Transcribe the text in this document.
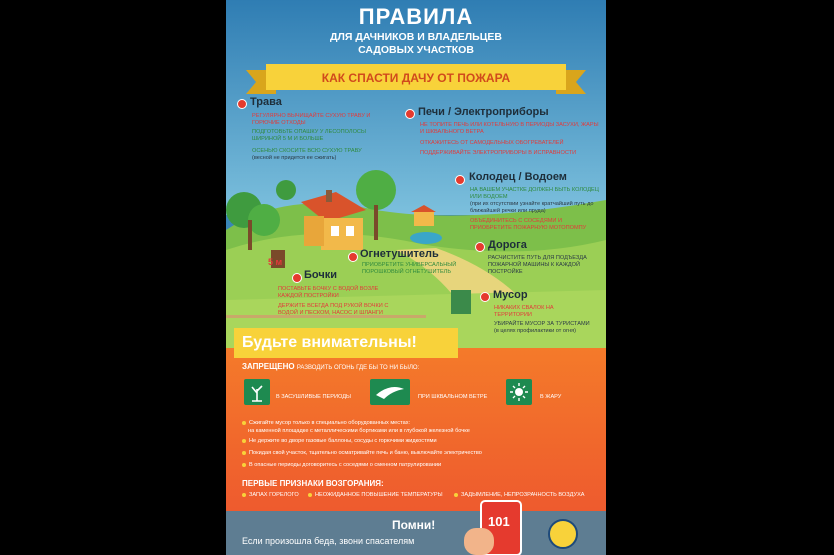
ПРАВИЛА
ДЛЯ ДАЧНИКОВ И ВЛАДЕЛЬЦЕВ
САДОВЫХ УЧАСТКОВ
КАК СПАСТИ ДАЧУ ОТ ПОЖАРА
Трава
РЕГУЛЯРНО ВЫЧИЩАЙТЕ СУХУЮ ТРАВУ И ГОРЮЧИЕ ОТХОДЫ
ПОДГОТОВЬТЕ ОПАШКУ У ЛЕСОПОЛОСЫ ШИРИНОЙ 5 М И БОЛЬШЕ
ОСЕНЬЮ СКОСИТЕ ВСЮ СУХУЮ ТРАВУ
(весной не придется ее сжигать)
Печи / Электроприборы
НЕ ТОПИТЕ ПЕЧЬ ИЛИ КОТЕЛЬНУЮ В ПЕРИОДЫ ЗАСУХИ, ЖАРЫ И ШКВАЛЬНОГО ВЕТРА
ОТКАЖИТЕСЬ ОТ САМОДЕЛЬНЫХ ОБОГРЕВАТЕЛЕЙ
ПОДДЕРЖИВАЙТЕ ЭЛЕКТРОПРИБОРЫ В ИСПРАВНОСТИ
Колодец / Водоем
НА ВАШЕМ УЧАСТКЕ ДОЛЖЕН БЫТЬ КОЛОДЕЦ ИЛИ ВОДОЕМ
(при их отсутствии узнайте кратчайший путь до ближайшей речки или пруда)
ОБЪЕДИНИТЕСЬ С СОСЕДЯМИ И ПРИОБРЕТИТЕ ПОЖАРНУЮ МОТОПОМПУ
Огнетушитель
ПРИОБРЕТИТЕ УНИВЕРСАЛЬНЫЙ ПОРОШКОВЫЙ ОГНЕТУШИТЕЛЬ
Дорога
РАСЧИСТИТЕ ПУТЬ ДЛЯ ПОДЪЕЗДА ПОЖАРНОЙ МАШИНЫ К КАЖДОЙ ПОСТРОЙКЕ
5 м
Бочки
ПОСТАВЬТЕ БОЧКУ С ВОДОЙ ВОЗЛЕ КАЖДОЙ ПОСТРОЙКИ
ДЕРЖИТЕ ВСЕГДА ПОД РУКОЙ ВОЧКИ С ВОДОЙ И ПЕСКОМ, НАСОС И ШЛАНГИ
Мусор
НИКАКИХ СВАЛОК НА ТЕРРИТОРИИ
УБИРАЙТЕ МУСОР ЗА ТУРИСТАМИ
(в целях профилактики от огня)
Будьте внимательны!
ЗАПРЕЩЕНО РАЗВОДИТЬ ОГОНЬ ГДЕ БЫ ТО НИ БЫЛО:
В ЗАСУШЛИВЫЕ ПЕРИОДЫ	ПРИ ШКВАЛЬНОМ ВЕТРЕ	В ЖАРУ
Сжигайте мусор только в специально оборудованных местах:
на каменной площадке с металлическими бортиками или в глубокой железной бочке
Не держите во дворе газовые баллоны, сосуды с горючими жидкостями
Покидая свой участок, тщательно осматривайте печь и баню, выключайте электричество
В опасные периоды договоритесь с соседями о сменном патрулировании
ПЕРВЫЕ ПРИЗНАКИ ВОЗГОРАНИЯ:
ЗАПАХ ГОРЕЛОГО	НЕОЖИДАННОЕ ПОВЫШЕНИЕ ТЕМПЕРАТУРЫ	ЗАДЫМЛЕНИЕ, НЕПРОЗРАЧНОСТЬ ВОЗДУХА
Помни!
Если произошла беда, звони спасателям
101
